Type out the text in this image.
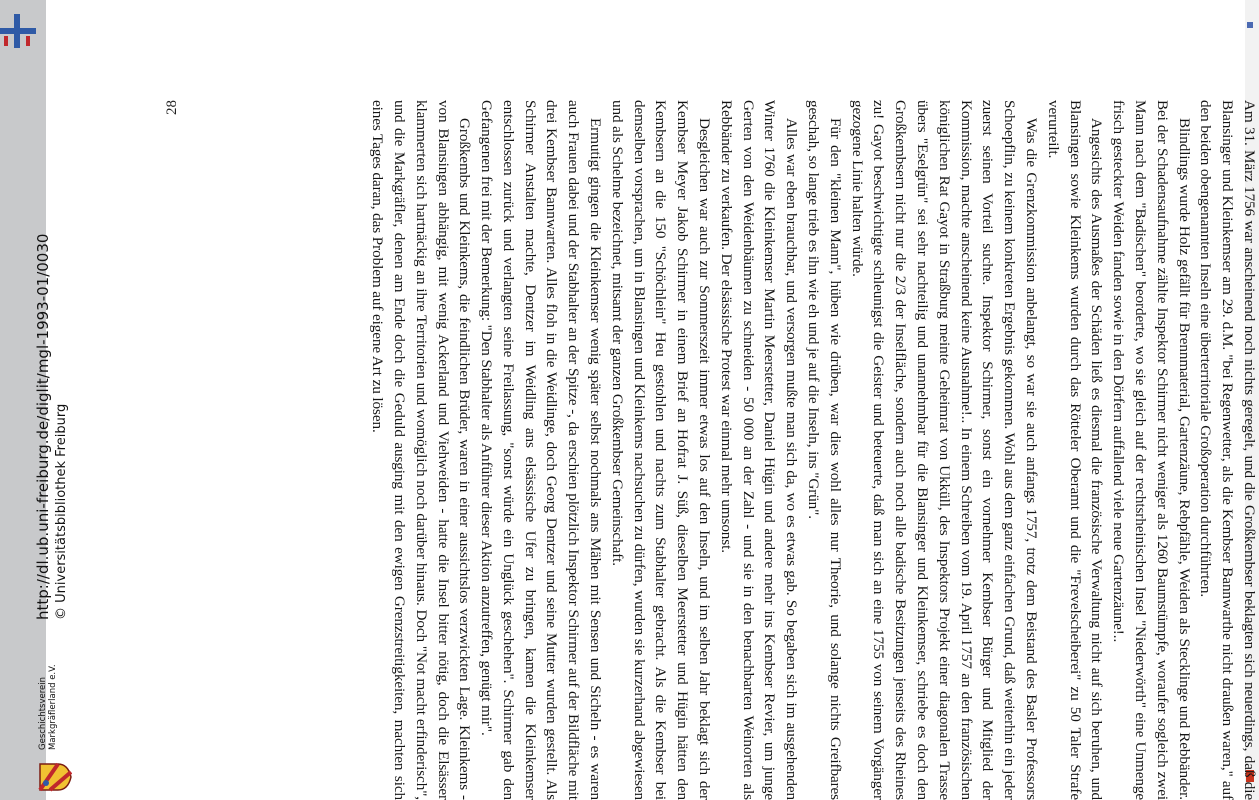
Am 31. März 1756 war anscheinend noch nichts geregelt, und die Großkembser beklagten sich neuerdings, daß die Blansinger und Kleinkemser am 29. d.M. "bei Regenwetter, als die Kembser Bannwarthe nicht draußen waren," auf den beiden obengenannten Inseln eine überterritoriale Großoperation durchführten.

Blindlings wurde Holz gefällt für Brennmaterial, Gartenzäune, Rebpfähle, Weiden als Stecklinge und Rebbänder. Bei der Schadensaufnahme zählte Inspektor Schirmer nicht weniger als 1260 Baumstümpfe, woraufer sogleich zwei Mann nach dem "Badischen" beorderte, wo sie gleich auf der rechtsrheinischen Insel "Niederwörth" eine Unmenge frisch gesteckter Weiden fanden sowie in den Dörfern auffallend viele neue Gartenzäune!..

Angesichts des Ausmaßes der Schäden ließ es diesmal die französische Verwaltung nicht auf sich beruhen, und Blansingen sowie Kleinkems wurden durch das Rötteler Oberamt und die "Frevelscheiberei" zu 50 Taler Strafe verurteilt.

Was die Grenzkommission anbelangt, so war sie auch anfangs 1757, trotz dem Beistand des Basler Professors Schoepflin, zu keinem konkreten Ergebnis gekommen. Wohl aus dem ganz einfachen Grund, daß weiterhin ein jeder zuerst seinen Vorteil suchte. Inspektor Schirmer, sonst ein vornehmer Kembser Bürger und Mitglied der Kommission, machte anscheinend keine Ausnahme!.. In einem Schreiben vom 19. April 1757 an den französischen königlichen Rat Gayot in Straßburg meinte Geheimrat von Ukküll, des Inspektors Projekt einer diagonalen Trasse übers "Eselgrün" sei sehr nachteilig und unannehmbar für die Blansinger und Kleinkemser, schriebe es doch den Großkembsern nicht nur die 2/3 der Inselfläche, sondern auch noch alle badische Besitzungen jenseits des Rheines zu! Gayot beschwichtigte schleunigst die Geister und beteuerte, daß man sich an eine 1755 von seinem Vorgänger gezogene Linie halten würde.

Für den "kleinen Mann", hüben wie drüben, war dies wohl alles nur Theorie, und solange nichts Greifbares geschah, so lange trieb es ihn wie eh und je auf die Inseln, ins "Grün".

Alles war eben brauchbar, und versorgen mußte man sich da, wo es etwas gab. So begaben sich im ausgehenden Winter 1760 die Kleinkemser Martin Meerstetter, Daniel Hügin und andere mehr ins Kembser Revier, um junge Gerten von den Weidenbäumen zu schneiden - 50 000 an der Zahl - und sie in den benachbarten Weinorten als Rebbänder zu verkaufen. Der elsässische Protest war einmal mehr umsonst.

Desgleichen war auch zur Sommerszeit immer etwas los auf den Inseln, und im selben Jahr beklagt sich der Kembser Meyer Jakob Schirmer in einem Brief an Hofrat J. Süß, dieselben Meerstetter und Hügin hätten den Kembsern an die 150 "Schöchlein" Heu gestohlen und nachts zum Stabhalter gebracht. Als die Kembser bei demselben vorsprachen, um in Blansingen und Kleinkems nachsuchen zu dürfen, wurden sie kurzerhand abgewiesen und als Schelme bezeichnet, mitsamt der ganzen Großkembser Gemeinschaft.

Ermutigt gingen die Kleinkemser wenig später selbst nochmals ans Mähen mit Sensen und Sicheln - es waren auch Frauen dabei und der Stabhalter an der Spitze -, da erschien plötzlich Inspektor Schirmer auf der Bildfläche mit drei Kembser Bannwarten. Alles floh in die Weidlinge, doch Georg Dentzer und seine Mutter wurden gestellt. Als Schirmer Anstalten machte, Dentzer im Weidling ans elsässische Ufer zu bringen, kamen die Kleinkemser entschlossen zurück und verlangten seine Freilassung, "sonst würde ein Unglück geschehen". Schirmer gab den Gefangenen frei mit der Bemerkung: "Den Stabhalter als Anführer dieser Aktion anzutreffen, genügt mir".

Großkembs und Kleinkems, die feindlichen Brüder, waren in einer aussichtslos verzwickten Lage. Kleinkems - von Blansingen abhängig, mit wenig Ackerland und Viehweiden - hatte die Insel bitter nötig, doch die Elsässer klammerten sich hartnäckig an ihre Territorien und womöglich noch darüber hinaus. Doch "Not macht erfinderisch", und die Markgräfler, denen am Ende doch die Geduld ausging mit den ewigen Grenzstreitigkeiten, machten sich eines Tages daran, das Problem auf eigene Art zu lösen.

28
Geschichtsverein Markgräflerland e.V.
http://dl.ub.uni-freiburg.de/diglit/mgl-1993-01/0030 © Universitätsbibliothek Freiburg
